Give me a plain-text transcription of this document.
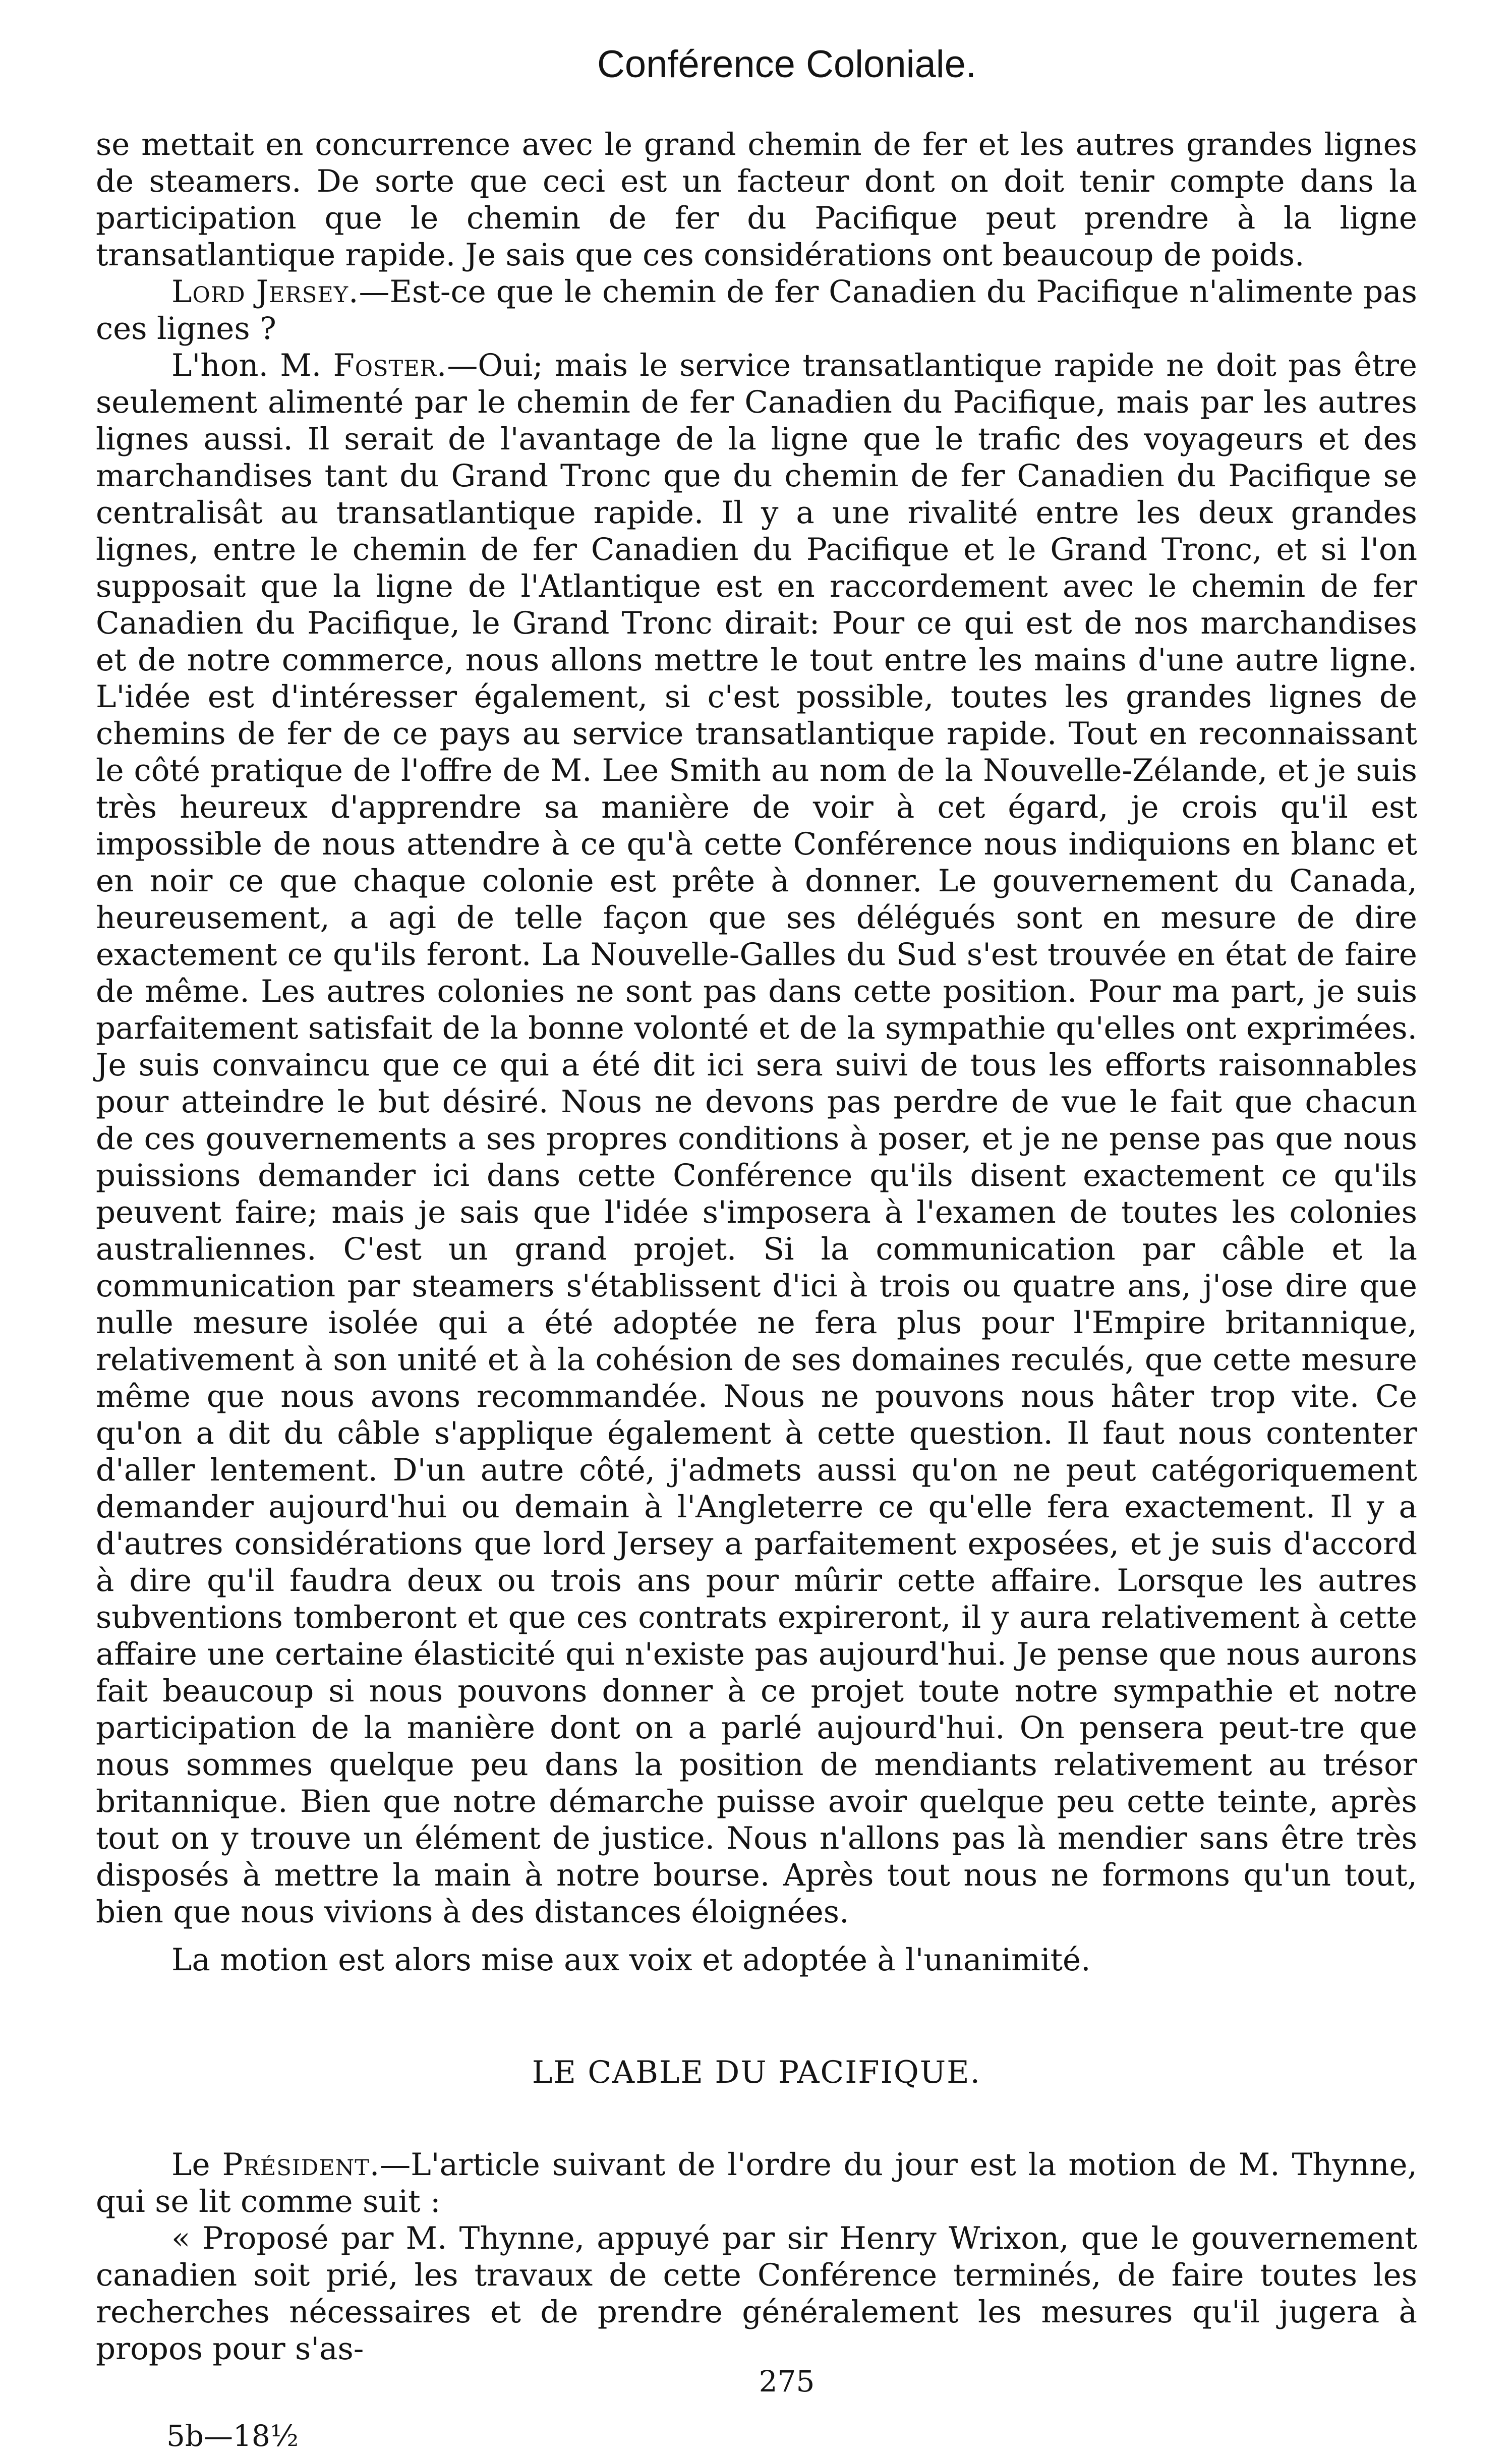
Conférence Coloniale.

se mettait en concurrence avec le grand chemin de fer et les autres grandes lignes de steamers. De sorte que ceci est un facteur dont on doit tenir compte dans la participation que le chemin de fer du Pacifique peut prendre à la ligne transatlantique rapide. Je sais que ces considérations ont beaucoup de poids.

Lord Jersey.—Est-ce que le chemin de fer Canadien du Pacifique n'alimente pas ces lignes ?

L'hon. M. Foster.—Oui; mais le service transatlantique rapide ne doit pas être seulement alimenté par le chemin de fer Canadien du Pacifique, mais par les autres lignes aussi. Il serait de l'avantage de la ligne que le trafic des voyageurs et des marchandises tant du Grand Tronc que du chemin de fer Canadien du Pacifique se centralisât au transatlantique rapide. Il y a une rivalité entre les deux grandes lignes, entre le chemin de fer Canadien du Pacifique et le Grand Tronc, et si l'on supposait que la ligne de l'Atlantique est en raccordement avec le chemin de fer Canadien du Pacifique, le Grand Tronc dirait: Pour ce qui est de nos marchandises et de notre commerce, nous allons mettre le tout entre les mains d'une autre ligne. L'idée est d'intéresser également, si c'est possible, toutes les grandes lignes de chemins de fer de ce pays au service transatlantique rapide. Tout en reconnaissant le côté pratique de l'offre de M. Lee Smith au nom de la Nouvelle-Zélande, et je suis très heureux d'apprendre sa manière de voir à cet égard, je crois qu'il est impossible de nous attendre à ce qu'à cette Conférence nous indiquions en blanc et en noir ce que chaque colonie est prête à donner. Le gouvernement du Canada, heureusement, a agi de telle façon que ses délégués sont en mesure de dire exactement ce qu'ils feront. La Nouvelle-Galles du Sud s'est trouvée en état de faire de même. Les autres colonies ne sont pas dans cette position. Pour ma part, je suis parfaitement satisfait de la bonne volonté et de la sympathie qu'elles ont exprimées. Je suis convaincu que ce qui a été dit ici sera suivi de tous les efforts raisonnables pour atteindre le but désiré. Nous ne devons pas perdre de vue le fait que chacun de ces gouvernements a ses propres conditions à poser, et je ne pense pas que nous puissions demander ici dans cette Conférence qu'ils disent exactement ce qu'ils peuvent faire; mais je sais que l'idée s'imposera à l'examen de toutes les colonies australiennes. C'est un grand projet. Si la communication par câble et la communication par steamers s'établissent d'ici à trois ou quatre ans, j'ose dire que nulle mesure isolée qui a été adoptée ne fera plus pour l'Empire britannique, relativement à son unité et à la cohésion de ses domaines reculés, que cette mesure même que nous avons recommandée. Nous ne pouvons nous hâter trop vite. Ce qu'on a dit du câble s'applique également à cette question. Il faut nous contenter d'aller lentement. D'un autre côté, j'admets aussi qu'on ne peut catégoriquement demander aujourd'hui ou demain à l'Angleterre ce qu'elle fera exactement. Il y a d'autres considérations que lord Jersey a parfaitement exposées, et je suis d'accord à dire qu'il faudra deux ou trois ans pour mûrir cette affaire. Lorsque les autres subventions tomberont et que ces contrats expireront, il y aura relativement à cette affaire une certaine élasticité qui n'existe pas aujourd'hui. Je pense que nous aurons fait beaucoup si nous pouvons donner à ce projet toute notre sympathie et notre participation de la manière dont on a parlé aujourd'hui. On pensera peut-tre que nous sommes quelque peu dans la position de mendiants relativement au trésor britannique. Bien que notre démarche puisse avoir quelque peu cette teinte, après tout on y trouve un élément de justice. Nous n'allons pas là mendier sans être très disposés à mettre la main à notre bourse. Après tout nous ne formons qu'un tout, bien que nous vivions à des distances éloignées.

La motion est alors mise aux voix et adoptée à l'unanimité.

LE CABLE DU PACIFIQUE.

Le Président.—L'article suivant de l'ordre du jour est la motion de M. Thynne, qui se lit comme suit :

« Proposé par M. Thynne, appuyé par sir Henry Wrixon, que le gouvernement canadien soit prié, les travaux de cette Conférence terminés, de faire toutes les recherches nécessaires et de prendre généralement les mesures qu'il jugera à propos pour s'as-

275
5b—18½
